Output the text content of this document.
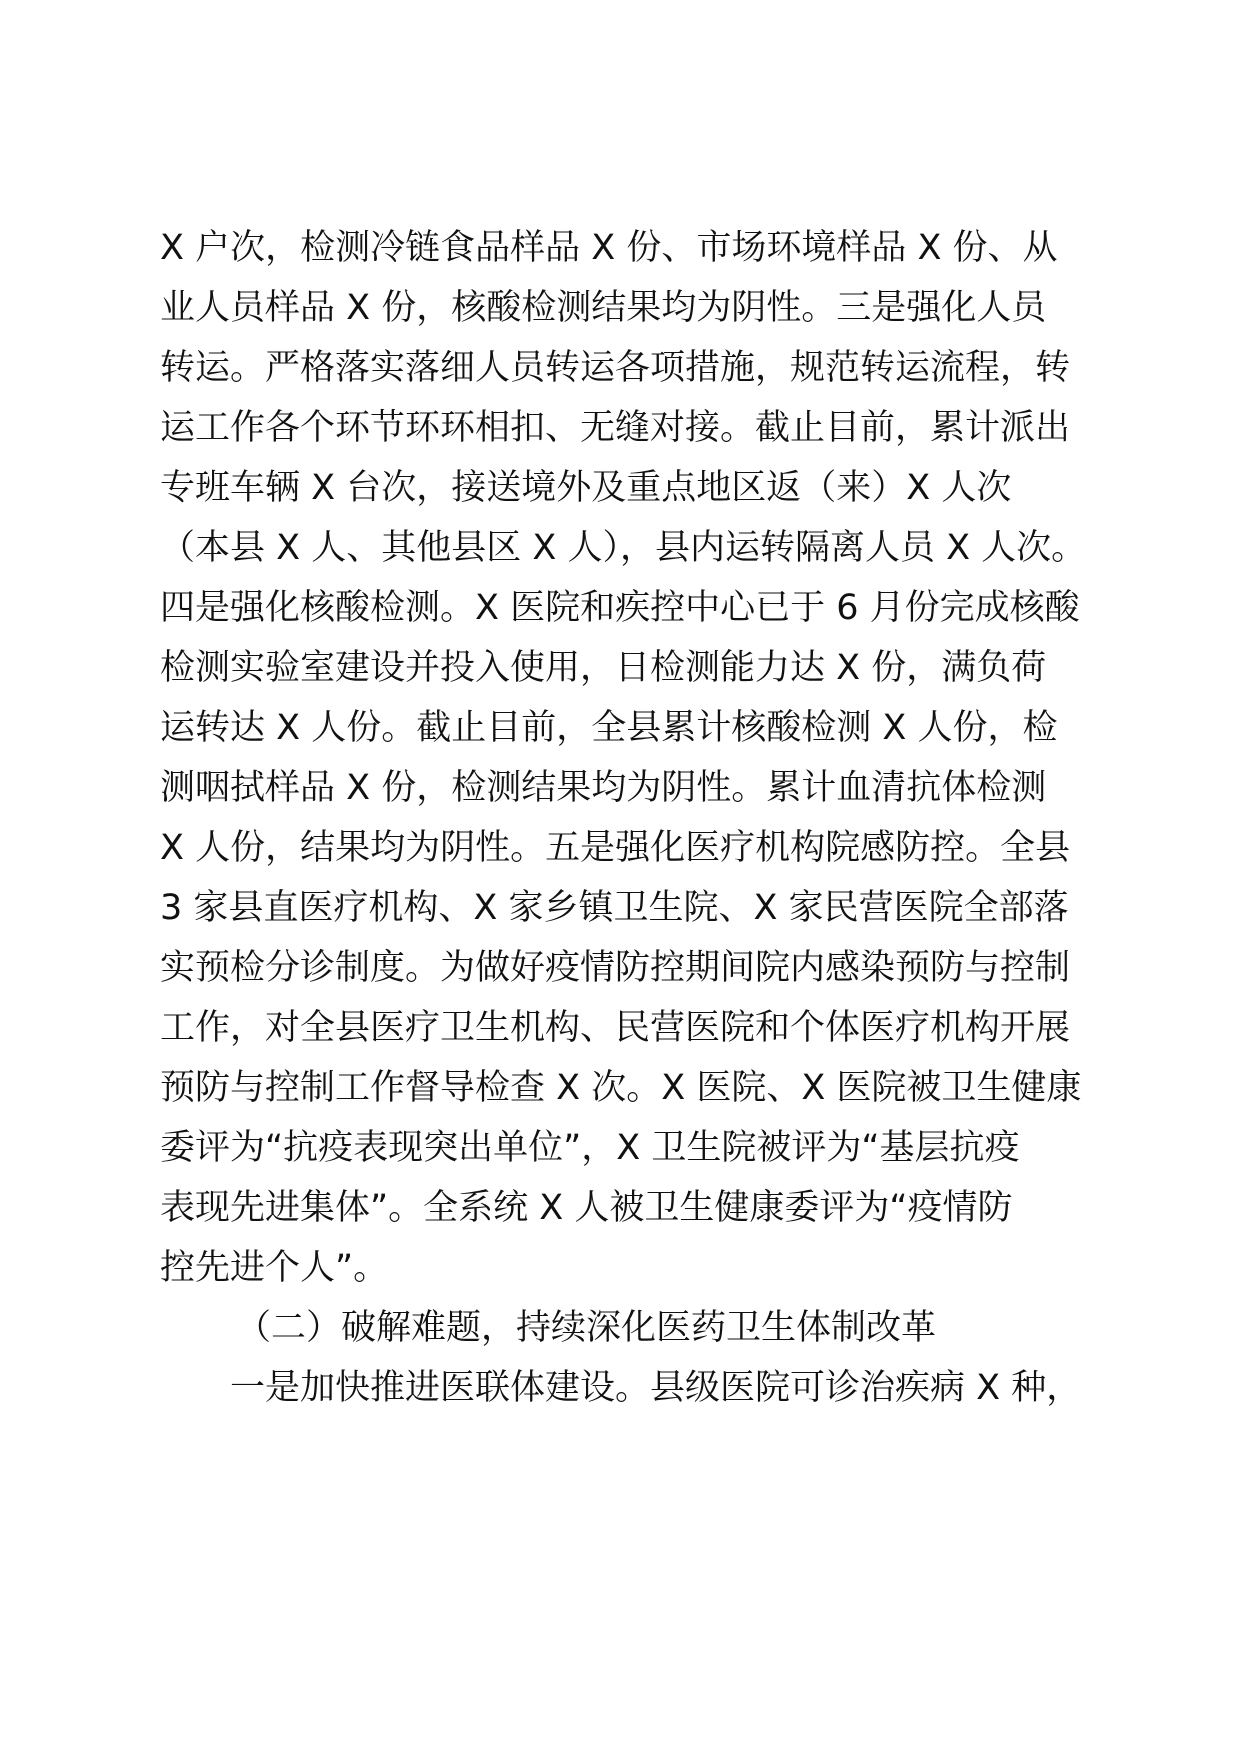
X 户次，检测冷链食品样品 X 份、市场环境样品 X 份、从
业人员样品 X 份，核酸检测结果均为阴性。三是强化人员
转运。严格落实落细人员转运各项措施，规范转运流程，转
运工作各个环节环环相扣、无缝对接。截止目前，累计派出
专班车辆 X 台次，接送境外及重点地区返（来）X 人次
（本县 X 人、其他县区 X 人），县内运转隔离人员 X 人次。
四是强化核酸检测。X 医院和疾控中心已于 6 月份完成核酸
检测实验室建设并投入使用，日检测能力达 X 份，满负荷
运转达 X 人份。截止目前，全县累计核酸检测 X 人份，检
测咽拭样品 X 份，检测结果均为阴性。累计血清抗体检测
X 人份，结果均为阴性。五是强化医疗机构院感防控。全县
3 家县直医疗机构、X 家乡镇卫生院、X 家民营医院全部落
实预检分诊制度。为做好疫情防控期间院内感染预防与控制
工作，对全县医疗卫生机构、民营医院和个体医疗机构开展
预防与控制工作督导检查 X 次。X 医院、X 医院被卫生健康
委评为“抗疫表现突出单位”，X 卫生院被评为“基层抗疫
表现先进集体”。全系统 X 人被卫生健康委评为“疫情防
控先进个人”。
（二）破解难题，持续深化医药卫生体制改革
一是加快推进医联体建设。县级医院可诊治疾病 X 种，
